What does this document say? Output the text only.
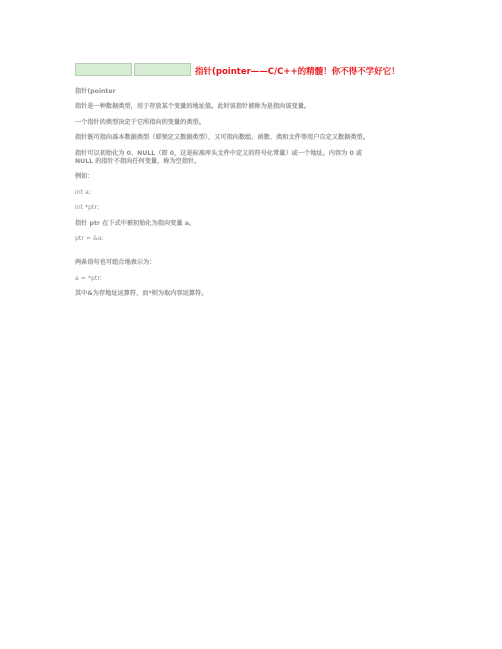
指针(pointer——C/C++的精髓！你不得不学好它！

指针(pointer

指针是一种数据类型，用于存放某个变量的地址值。此时该指针被称为是指向该变量。

一个指针的类型决定于它所指向的变量的类型。

指针既可指向基本数据类型（即预定义数据类型），又可指向数组、函数、类和文件等用户自定义数据类型。

指针可以初始化为 0、NULL（即 0，这是标准库头文件中定义的符号化常量）或一个地址。内容为 0 或 NULL 的指针不指向任何变量，称为空指针。

例如：

int a;

int *ptr;

指针 ptr 在下式中被初始化为指向变量 a。

ptr = &a;

两条语句也可组合地表示为：

a = *ptr;

其中&为存地址运算符，而*则为取内容运算符。
